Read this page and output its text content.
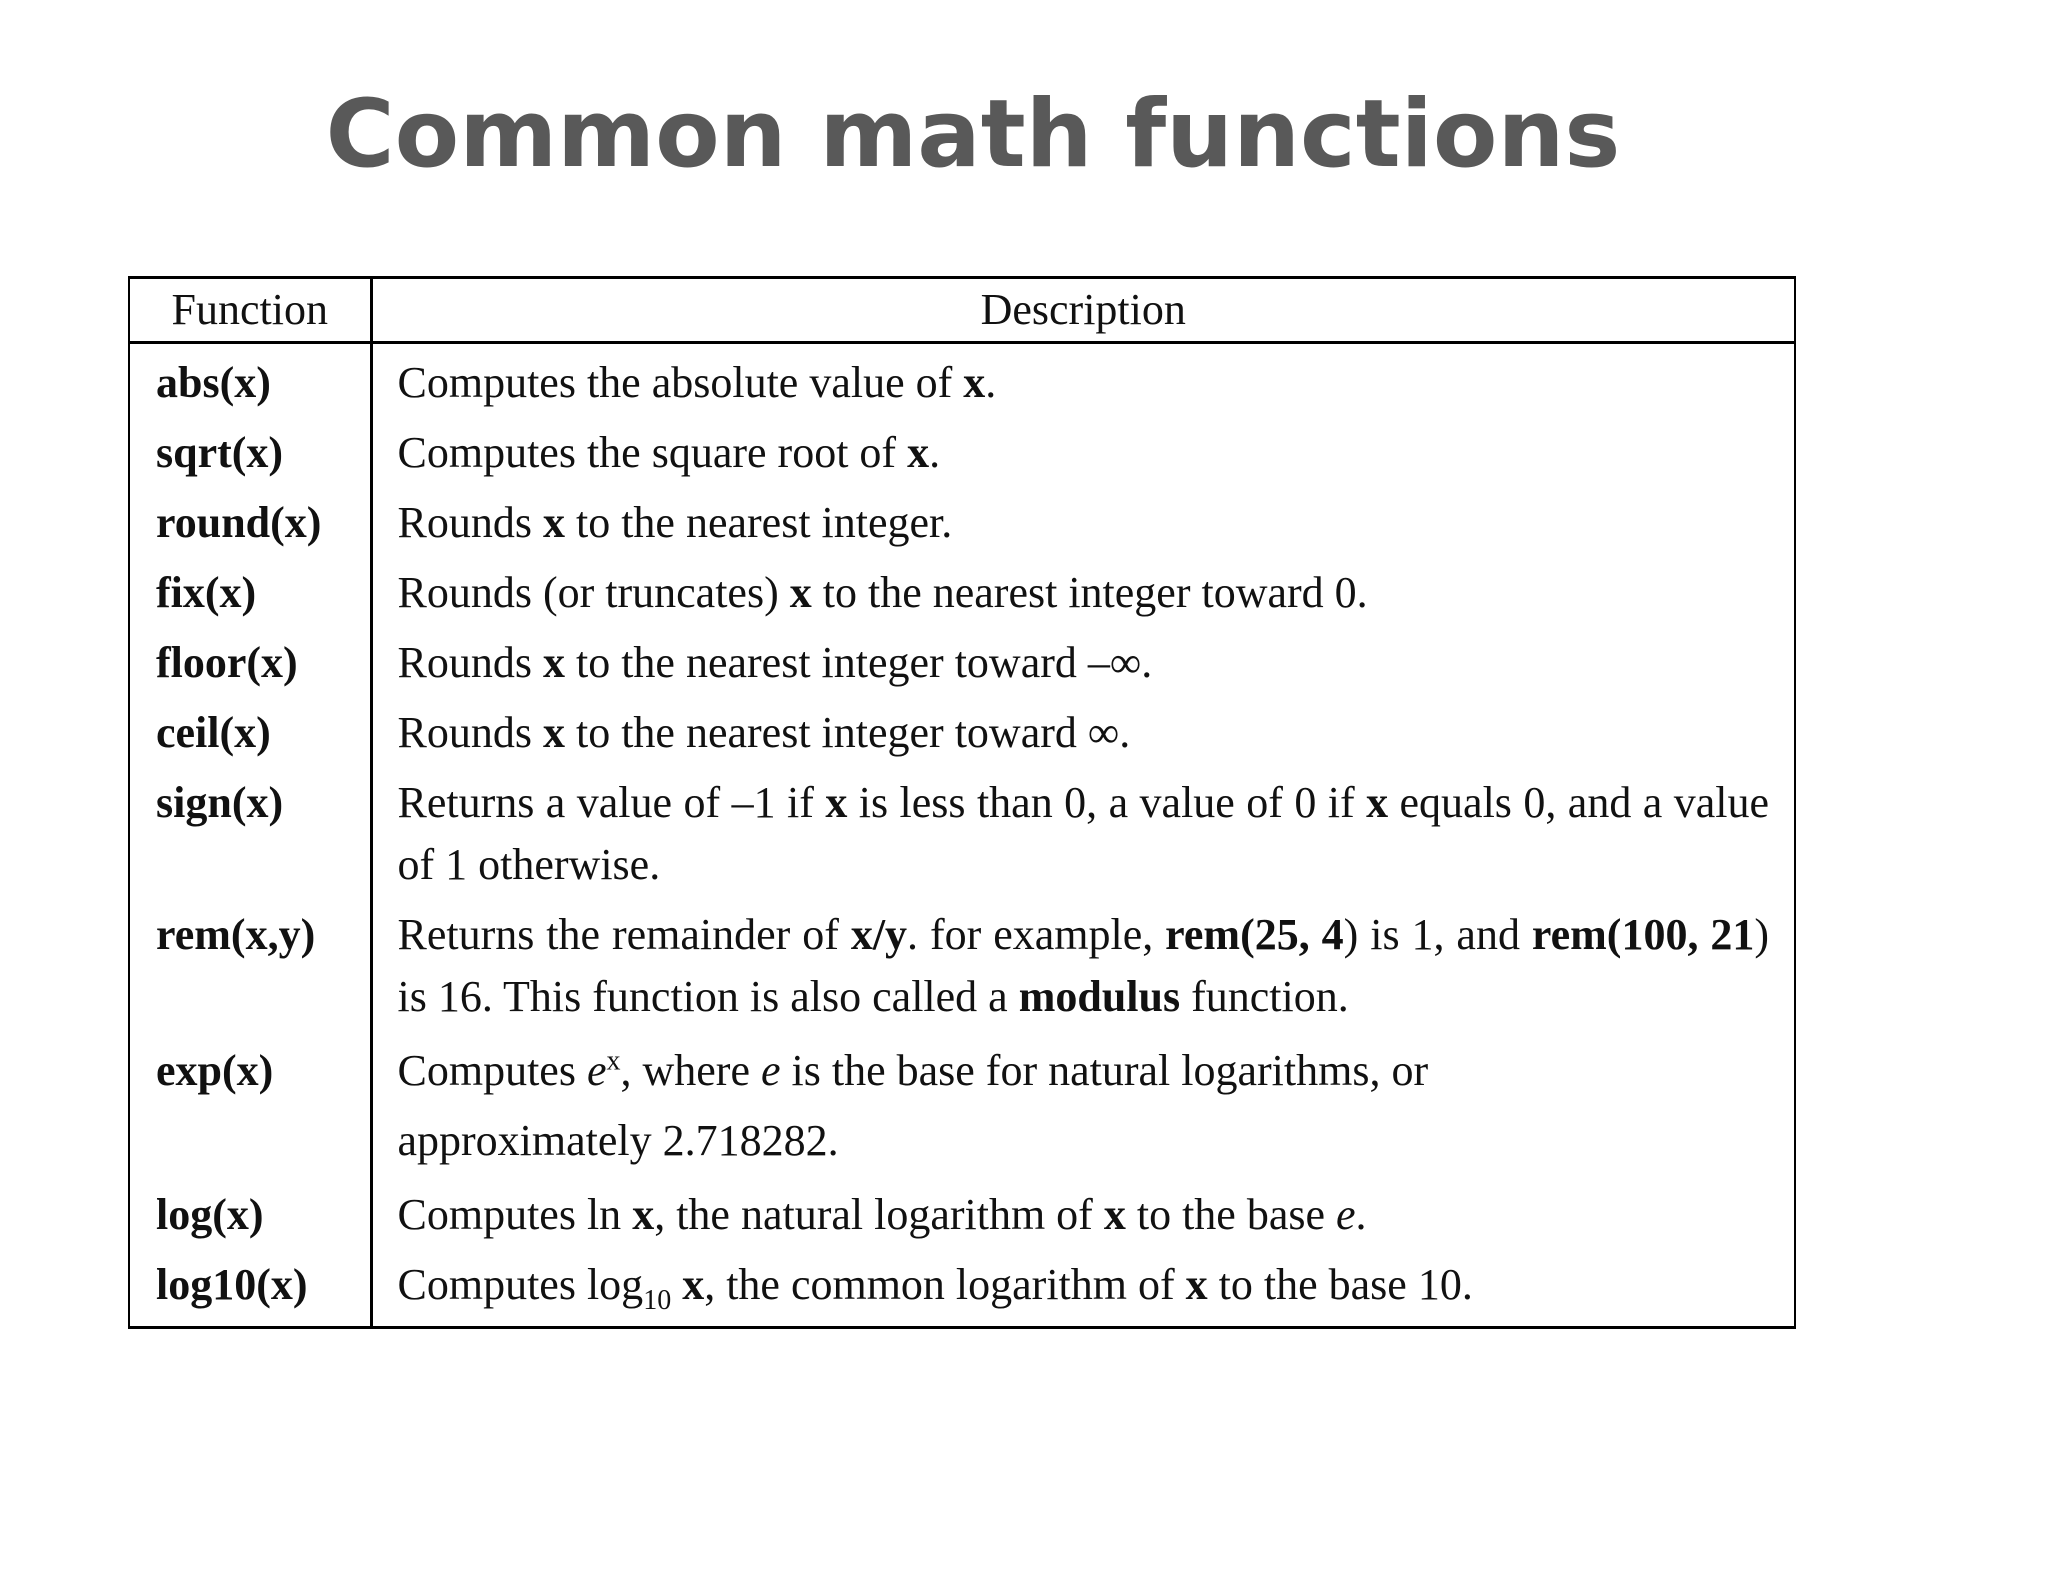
Common math functions
Function	Description
abs(x)	Computes the absolute value of x.

sqrt(x)	Computes the square root of x.

round(x)	Rounds x to the nearest integer.

fix(x)	Rounds (or truncates) x to the nearest integer toward 0.

floor(x)	Rounds x to the nearest integer toward –∞.

ceil(x)	Rounds x to the nearest integer toward ∞.

sign(x)	Returns a value of –1 if x is less than 0, a value of 0 if x equals 0, and a value of 1 otherwise.

rem(x,y)	Returns the remainder of x/y. for example, rem(25, 4) is 1, and rem(100, 21) is 16. This function is also called a modulus function.

exp(x)	Computes $e^x$, where e is the base for natural logarithms, or
approximately 2.718282.

log(x)	Computes ln x, the natural logarithm of x to the base e.

log10(x)	Computes $\log_{10} x$, the common logarithm of x to the base 10.
